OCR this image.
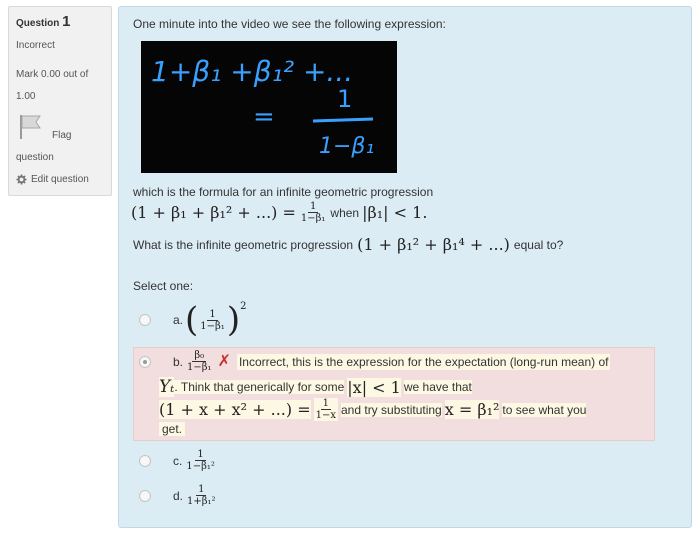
Question 1
Incorrect
Mark 0.00 out of
1.00
Flag
question
Edit question

One minute into the video we see the following expression:

1+β₁ +β₁² +...
=
1
1−β₁

which is the formula for an infinite geometric progression

(1 + β₁ + β₁² + ...) = $\frac{1}{\text{1−β₁}}$ when |β₁| < 1.
What is the infinite geometric progression (1 + β₁² + β₁⁴ + ...) equal to?

Select one:

a. ( $\frac{1}{\text{1−β₁}}$ ) 2
b. $\frac{\text{β₀}}{\text{1−β₁}}$ ✗ Incorrect, this is the expression for the expectation (long-run mean) of
Yₜ . Think that generically for some |x| < 1 we have that
(1 + x + x² + ...) = $\frac{1}{1-x}$ and try substituting x = β₁² to see what you
get.
c. $\frac{1}{\text{1−β₁²}}$
d. $\frac{1}{\text{1+β₁²}}$
